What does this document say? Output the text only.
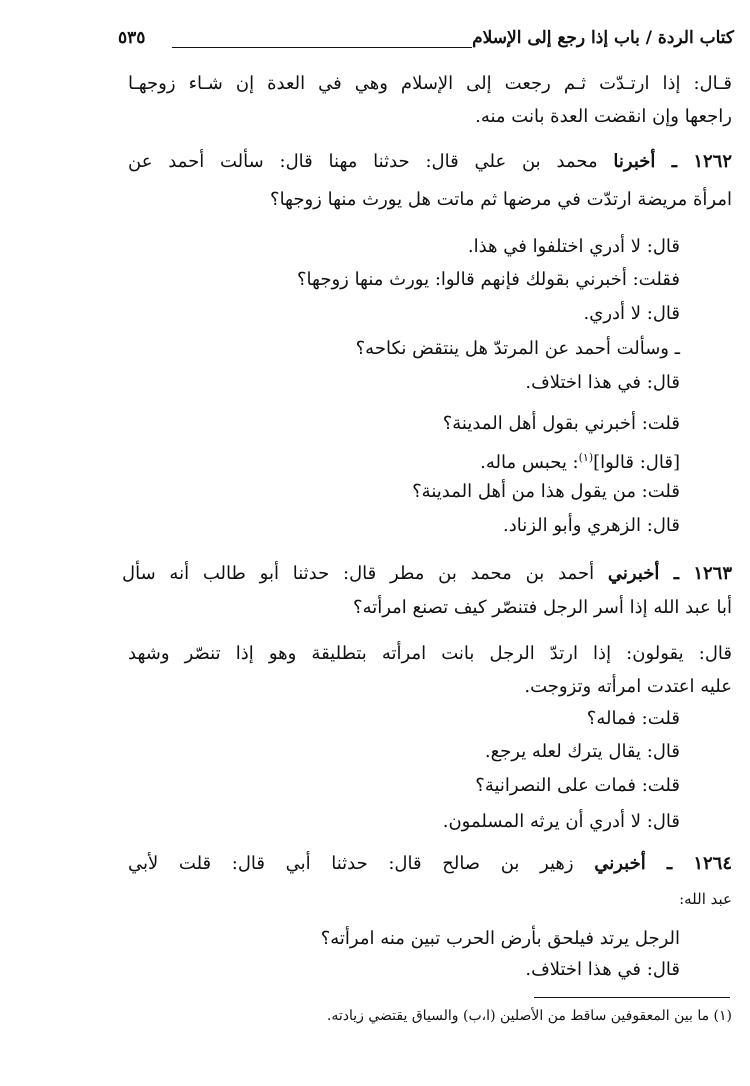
كتاب الردة / باب إذا رجع إلى الإسلام
٥٣٥
قـال: إذا ارتـدّت ثـم رجعت إلى الإسلام وهي في العدة إن شـاء زوجهـا
راجعها وإن انقضت العدة بانت منه.
١٢٦٢ ـ أخبرنا محمد بن علي قال: حدثنا مهنا قال: سألت أحمد عن
امرأة مريضة ارتدّت في مرضها ثم ماتت هل يورث منها زوجها؟
قال: لا أدري اختلفوا في هذا.
فقلت: أخبرني بقولك فإنهم قالوا: يورث منها زوجها؟
قال: لا أدري.
ـ وسألت أحمد عن المرتدّ هل ينتقض نكاحه؟
قال: في هذا اختلاف.
قلت: أخبرني بقول أهل المدينة؟
[قال: قالوا]$^{(١)}$: يحبس ماله.
قلت: من يقول هذا من أهل المدينة؟
قال: الزهري وأبو الزناد.
١٢٦٣ ـ أخبرني أحمد بن محمد بن مطر قال: حدثنا أبو طالب أنه سأل
أبا عبد الله إذا أسر الرجل فتنصّر كيف تصنع امرأته؟
قال: يقولون: إذا ارتدّ الرجل بانت امرأته بتطليقة وهو إذا تنصّر وشهد
عليه اعتدت امرأته وتزوجت.
قلت: فماله؟
قال: يقال يترك لعله يرجع.
قلت: فمات على النصرانية؟
قال: لا أدري أن يرثه المسلمون.
١٢٦٤ ـ أخبرني زهير بن صالح قال: حدثنا أبي قال: قلت لأبي
عبد الله:
الرجل يرتد فيلحق بأرض الحرب تبين منه امرأته؟
قال: في هذا اختلاف.
(١) ما بين المعقوفين ساقط من الأصلين (ا،ب) والسياق يقتضي زيادته.
